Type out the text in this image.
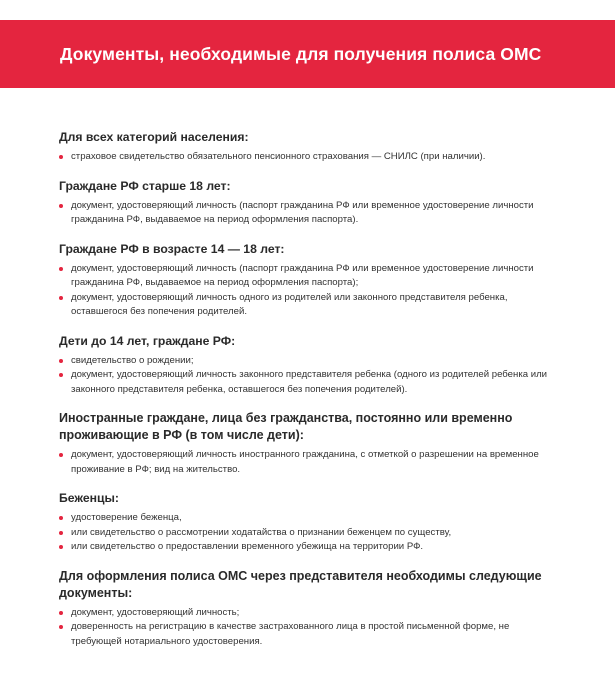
Документы, необходимые для получения полиса ОМС
Для всех категорий населения:
страховое свидетельство обязательного пенсионного страхования — СНИЛС (при наличии).
Граждане РФ старше 18 лет:
документ, удостоверяющий личность (паспорт гражданина РФ или временное удостоверение личности гражданина РФ, выдаваемое на период оформления паспорта).
Граждане РФ в возрасте 14 — 18 лет:
документ, удостоверяющий личность (паспорт гражданина РФ или временное удостоверение личности гражданина РФ, выдаваемое на период оформления паспорта);
документ, удостоверяющий личность одного из родителей или законного представителя ребенка, оставшегося без попечения родителей.
Дети до 14 лет, граждане РФ:
свидетельство о рождении;
документ, удостоверяющий личность законного представителя ребенка (одного из родителей ребенка или законного представителя ребенка, оставшегося без попечения родителей).
Иностранные граждане, лица без гражданства, постоянно или временно проживающие в РФ (в том числе дети):
документ, удостоверяющий личность иностранного гражданина, с отметкой о разрешении на временное проживание в РФ; вид на жительство.
Беженцы:
удостоверение беженца,
или свидетельство о рассмотрении ходатайства о признании беженцем по существу,
или свидетельство о предоставлении временного убежища на территории РФ.
Для оформления полиса ОМС через представителя необходимы следующие документы:
документ, удостоверяющий личность;
доверенность на регистрацию в качестве застрахованного лица в простой письменной форме, не требующей нотариального удостоверения.
